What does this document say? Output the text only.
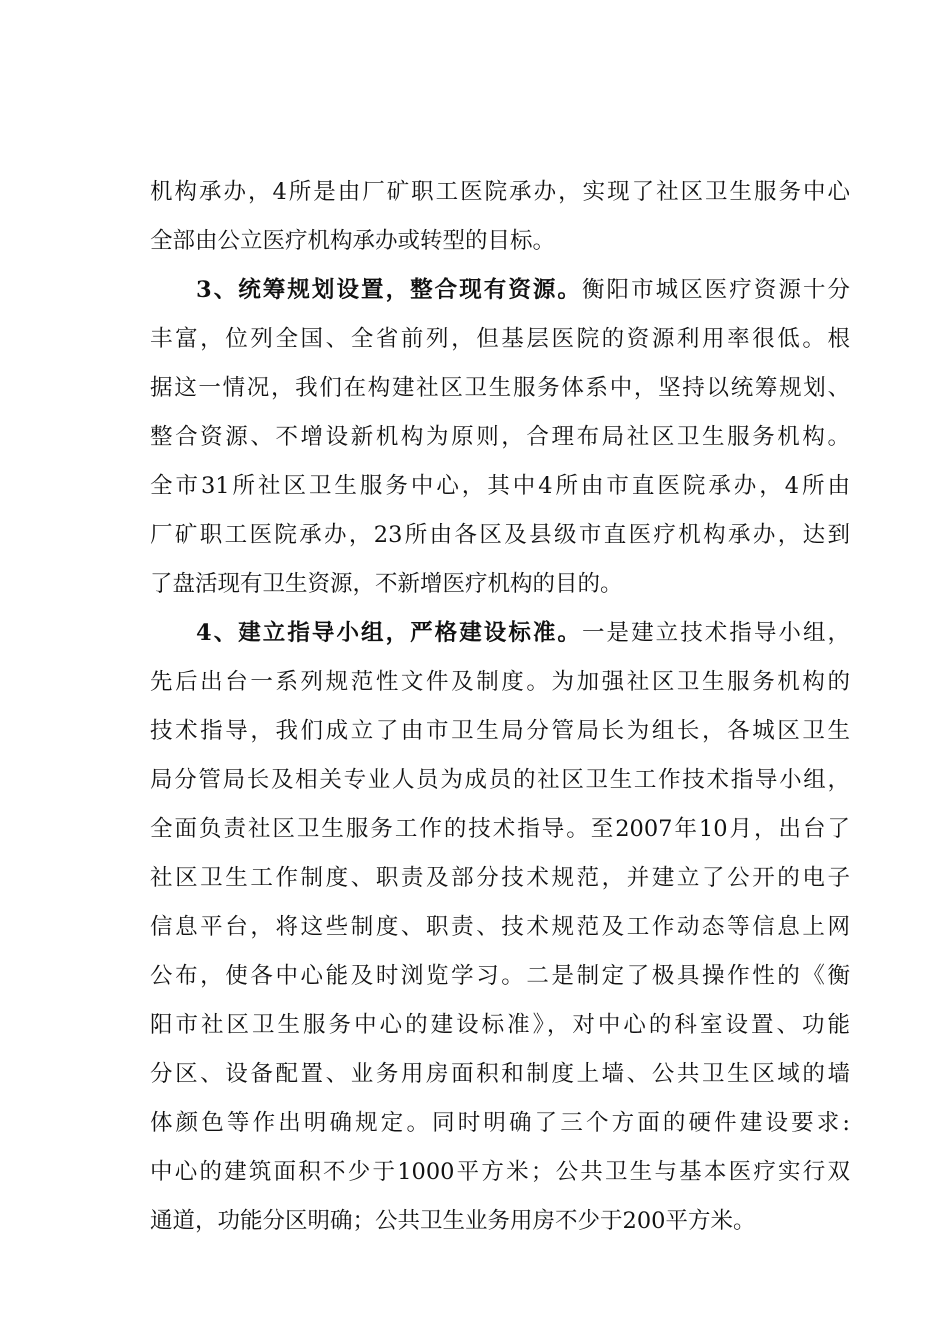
机构承办，4所是由厂矿职工医院承办，实现了社区卫生服务中心
全部由公立医疗机构承办或转型的目标。
3、统筹规划设置，整合现有资源。衡阳市城区医疗资源十分
丰富，位列全国、全省前列，但基层医院的资源利用率很低。根
据这一情况，我们在构建社区卫生服务体系中，坚持以统筹规划、
整合资源、不增设新机构为原则，合理布局社区卫生服务机构。
全市31所社区卫生服务中心，其中4所由市直医院承办，4所由
厂矿职工医院承办，23所由各区及县级市直医疗机构承办，达到
了盘活现有卫生资源，不新增医疗机构的目的。
4、建立指导小组，严格建设标准。一是建立技术指导小组，
先后出台一系列规范性文件及制度。为加强社区卫生服务机构的
技术指导，我们成立了由市卫生局分管局长为组长，各城区卫生
局分管局长及相关专业人员为成员的社区卫生工作技术指导小组，
全面负责社区卫生服务工作的技术指导。至2007年10月，出台了
社区卫生工作制度、职责及部分技术规范，并建立了公开的电子
信息平台，将这些制度、职责、技术规范及工作动态等信息上网
公布，使各中心能及时浏览学习。二是制定了极具操作性的《衡
阳市社区卫生服务中心的建设标准》，对中心的科室设置、功能
分区、设备配置、业务用房面积和制度上墙、公共卫生区域的墙
体颜色等作出明确规定。同时明确了三个方面的硬件建设要求:
中心的建筑面积不少于1000平方米；公共卫生与基本医疗实行双
通道，功能分区明确；公共卫生业务用房不少于200平方米。
